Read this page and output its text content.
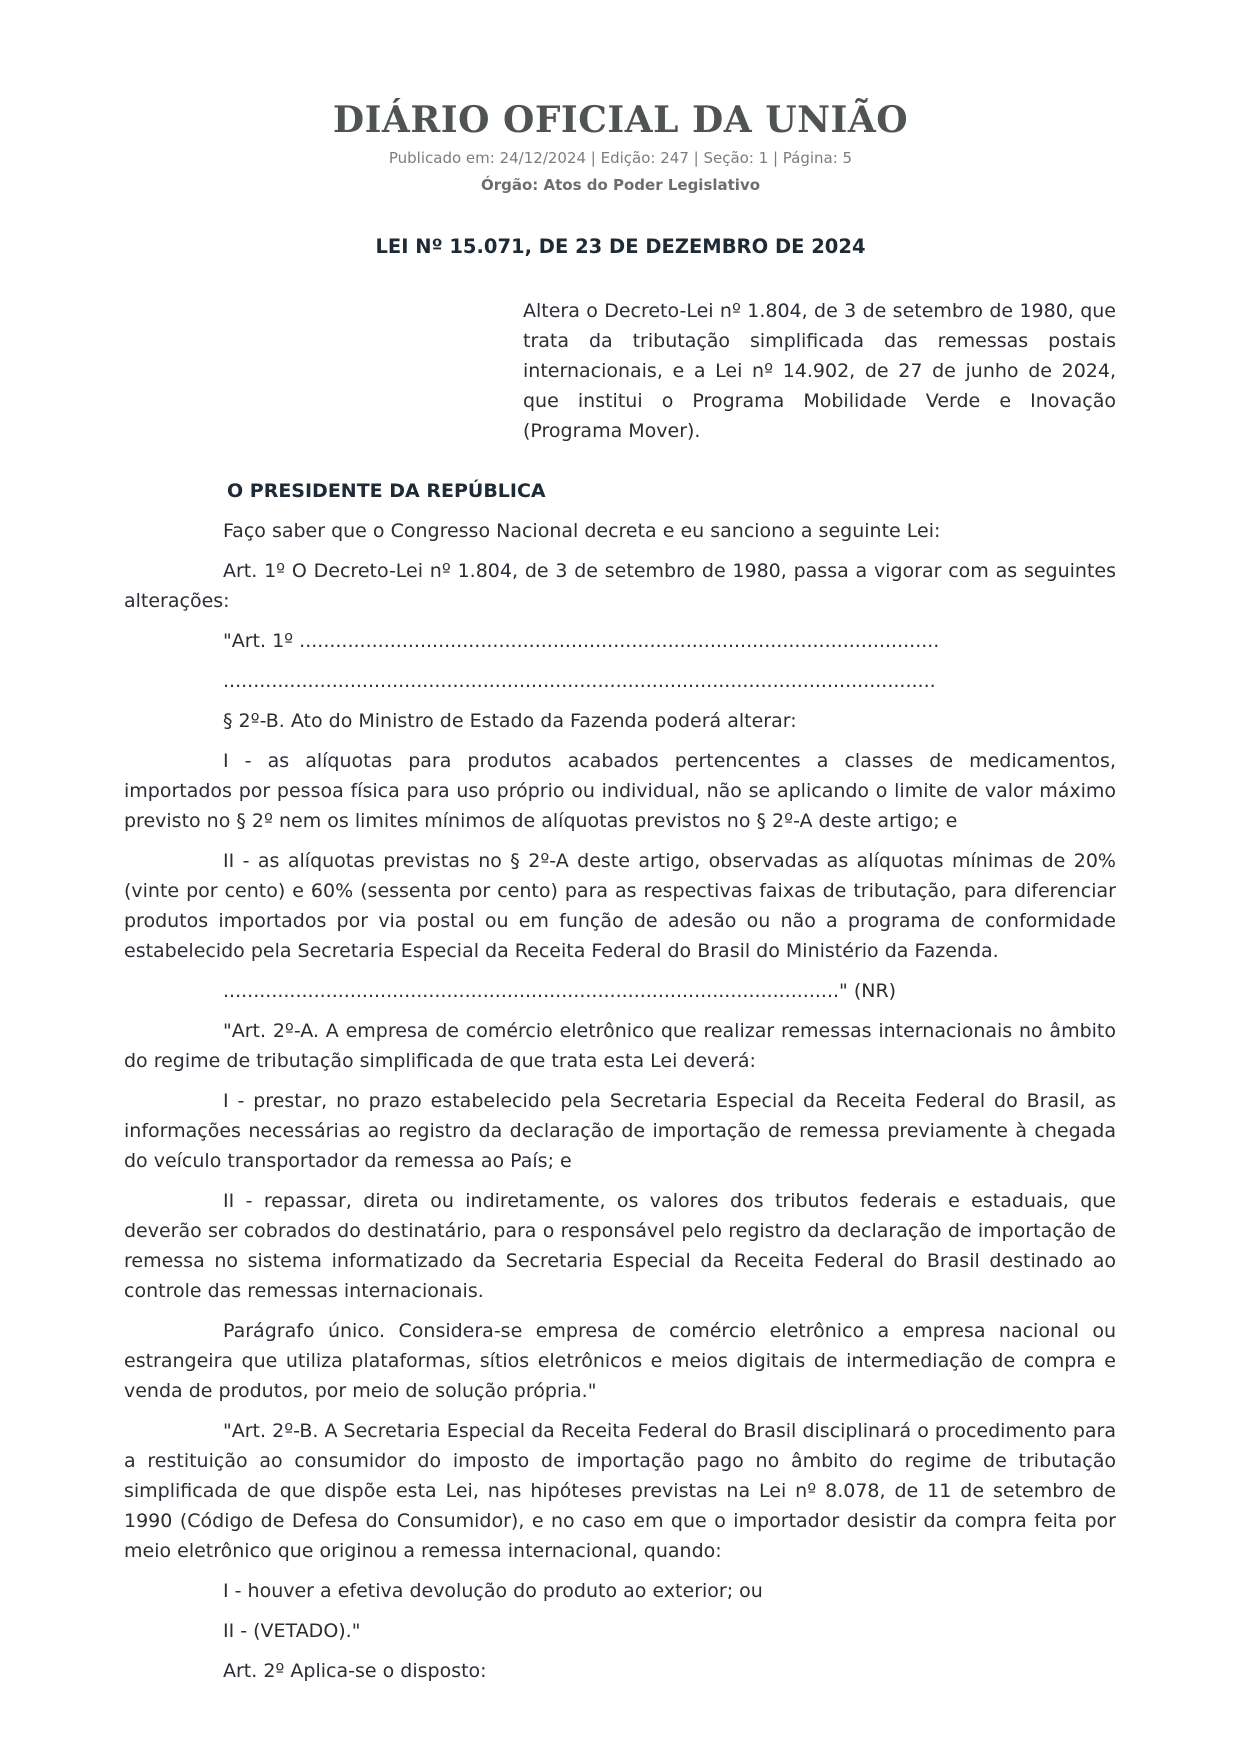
DIÁRIO OFICIAL DA UNIÃO
Publicado em: 24/12/2024 | Edição: 247 | Seção: 1 | Página: 5
Órgão: Atos do Poder Legislativo
LEI Nº 15.071, DE 23 DE DEZEMBRO DE 2024
Altera o Decreto-Lei nº 1.804, de 3 de setembro de 1980, que trata da tributação simplificada das remessas postais internacionais, e a Lei nº 14.902, de 27 de junho de 2024, que institui o Programa Mobilidade Verde e Inovação (Programa Mover).

O PRESIDENTE DA REPÚBLICA

Faço saber que o Congresso Nacional decreta e eu sanciono a seguinte Lei:

Art. 1º O Decreto-Lei nº 1.804, de 3 de setembro de 1980, passa a vigorar com as seguintes alterações:

"Art. 1º ..........................................................................................................

......................................................................................................................

§ 2º-B. Ato do Ministro de Estado da Fazenda poderá alterar:

I - as alíquotas para produtos acabados pertencentes a classes de medicamentos, importados por pessoa física para uso próprio ou individual, não se aplicando o limite de valor máximo previsto no § 2º nem os limites mínimos de alíquotas previstos no § 2º-A deste artigo; e

II - as alíquotas previstas no § 2º-A deste artigo, observadas as alíquotas mínimas de 20% (vinte por cento) e 60% (sessenta por cento) para as respectivas faixas de tributação, para diferenciar produtos importados por via postal ou em função de adesão ou não a programa de conformidade estabelecido pela Secretaria Especial da Receita Federal do Brasil do Ministério da Fazenda.

......................................................................................................" (NR)

"Art. 2º-A. A empresa de comércio eletrônico que realizar remessas internacionais no âmbito do regime de tributação simplificada de que trata esta Lei deverá:

I - prestar, no prazo estabelecido pela Secretaria Especial da Receita Federal do Brasil, as informações necessárias ao registro da declaração de importação de remessa previamente à chegada do veículo transportador da remessa ao País; e

II - repassar, direta ou indiretamente, os valores dos tributos federais e estaduais, que deverão ser cobrados do destinatário, para o responsável pelo registro da declaração de importação de remessa no sistema informatizado da Secretaria Especial da Receita Federal do Brasil destinado ao controle das remessas internacionais.

Parágrafo único. Considera-se empresa de comércio eletrônico a empresa nacional ou estrangeira que utiliza plataformas, sítios eletrônicos e meios digitais de intermediação de compra e venda de produtos, por meio de solução própria."

"Art. 2º-B. A Secretaria Especial da Receita Federal do Brasil disciplinará o procedimento para a restituição ao consumidor do imposto de importação pago no âmbito do regime de tributação simplificada de que dispõe esta Lei, nas hipóteses previstas na Lei nº 8.078, de 11 de setembro de 1990 (Código de Defesa do Consumidor), e no caso em que o importador desistir da compra feita por meio eletrônico que originou a remessa internacional, quando:

I - houver a efetiva devolução do produto ao exterior; ou

II - (VETADO)."

Art. 2º Aplica-se o disposto:
